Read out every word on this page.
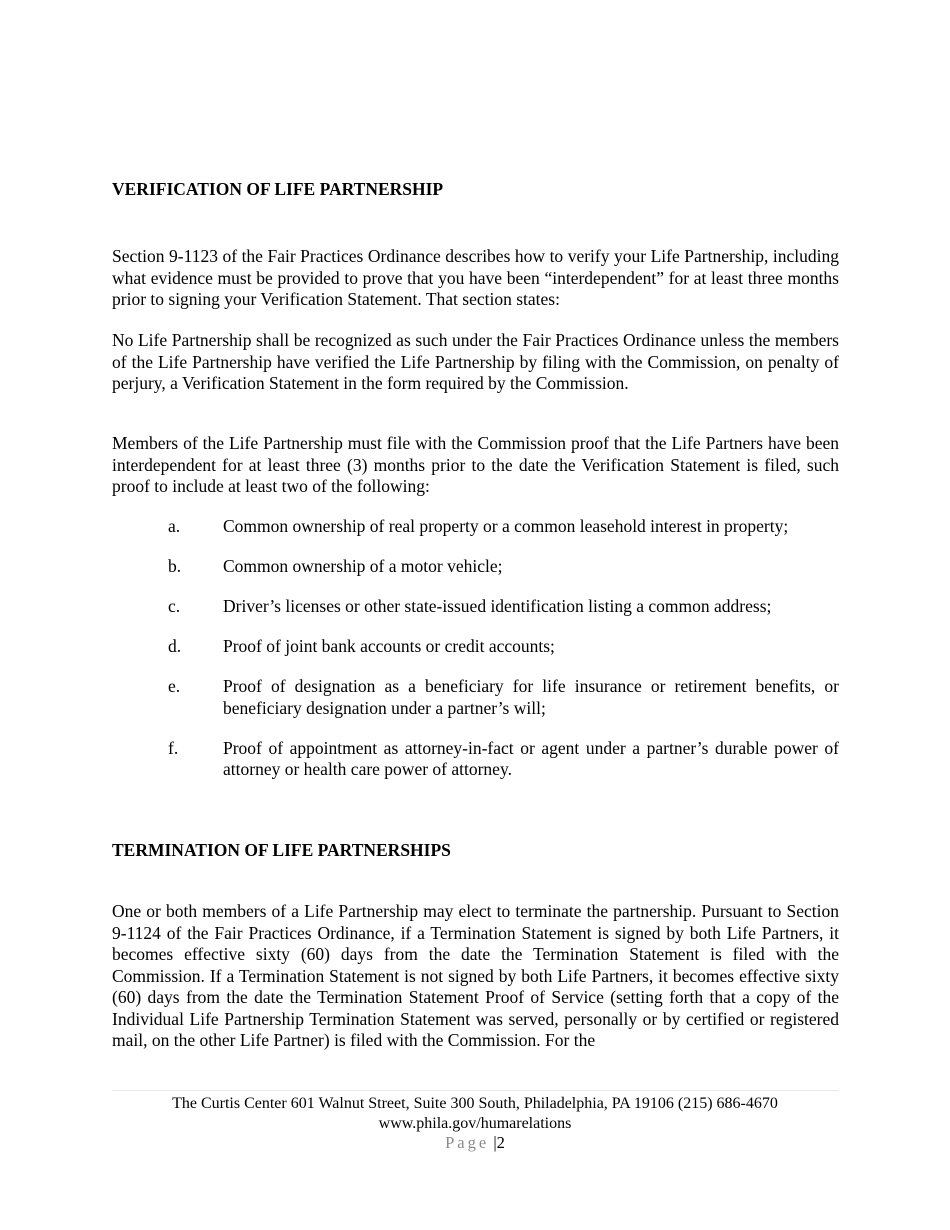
VERIFICATION OF LIFE PARTNERSHIP

Section 9-1123 of the Fair Practices Ordinance describes how to verify your Life Partnership, including what evidence must be provided to prove that you have been “interdependent” for at least three months prior to signing your Verification Statement. That section states:

No Life Partnership shall be recognized as such under the Fair Practices Ordinance unless the members of the Life Partnership have verified the Life Partnership by filing with the Commission, on penalty of perjury, a Verification Statement in the form required by the Commission.

Members of the Life Partnership must file with the Commission proof that the Life Partners have been interdependent for at least three (3) months prior to the date the Verification Statement is filed, such proof to include at least two of the following:

a. Common ownership of real property or a common leasehold interest in property;
b. Common ownership of a motor vehicle;
c. Driver’s licenses or other state-issued identification listing a common address;
d. Proof of joint bank accounts or credit accounts;
e. Proof of designation as a beneficiary for life insurance or retirement benefits, or beneficiary designation under a partner’s will;
f.	Proof of appointment as attorney-in-fact or agent under a partner’s durable power of attorney or health care power of attorney.
TERMINATION OF LIFE PARTNERSHIPS

One or both members of a Life Partnership may elect to terminate the partnership. Pursuant to Section 9-1124 of the Fair Practices Ordinance, if a Termination Statement is signed by both Life Partners, it becomes effective sixty (60) days from the date the Termination Statement is filed with the Commission. If a Termination Statement is not signed by both Life Partners, it becomes effective sixty (60) days from the date the Termination Statement Proof of Service (setting forth that a copy of the Individual Life Partnership Termination Statement was served, personally or by certified or registered mail, on the other Life Partner) is filed with the Commission. For the

The Curtis Center 601 Walnut Street, Suite 300 South, Philadelphia, PA 19106 (215) 686-4670
www.phila.gov/humarelations
Page |2
